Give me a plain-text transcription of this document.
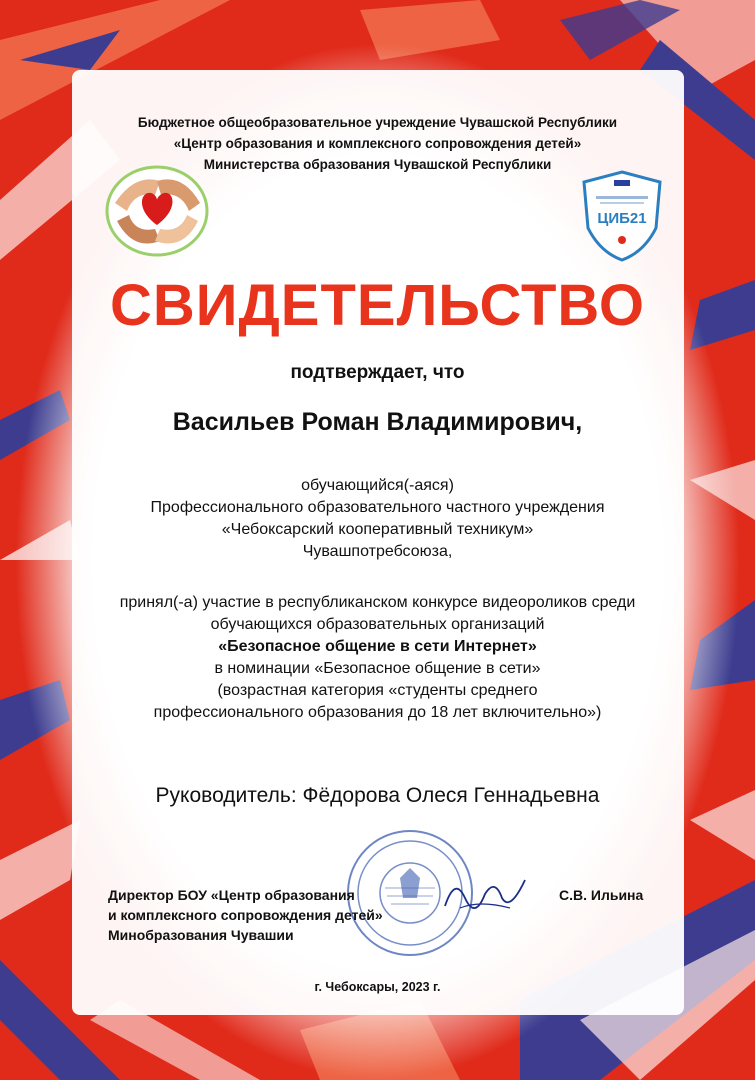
Бюджетное общеобразовательное учреждение Чувашской Республики
«Центр образования и комплексного сопровождения детей»
Министерства образования Чувашской Республики
ЦИБ21
СВИДЕТЕЛЬСТВО
подтверждает, что
Васильев Роман Владимирович,
обучающийся(-аяся)
Профессионального образовательного частного учреждения
«Чебоксарский кооперативный техникум»
Чувашпотребсоюза,
принял(-а) участие в республиканском конкурсе видеороликов среди
обучающихся образовательных организаций
«Безопасное общение в сети Интернет»
в номинации «Безопасное общение в сети»
(возрастная категория «студенты среднего
профессионального образования до 18 лет включительно»)
Руководитель: Фёдорова Олеся Геннадьевна
Директор БОУ «Центр образования
и комплексного сопровождения детей»
Минобразования Чувашии
С.В. Ильина
г. Чебоксары, 2023 г.
